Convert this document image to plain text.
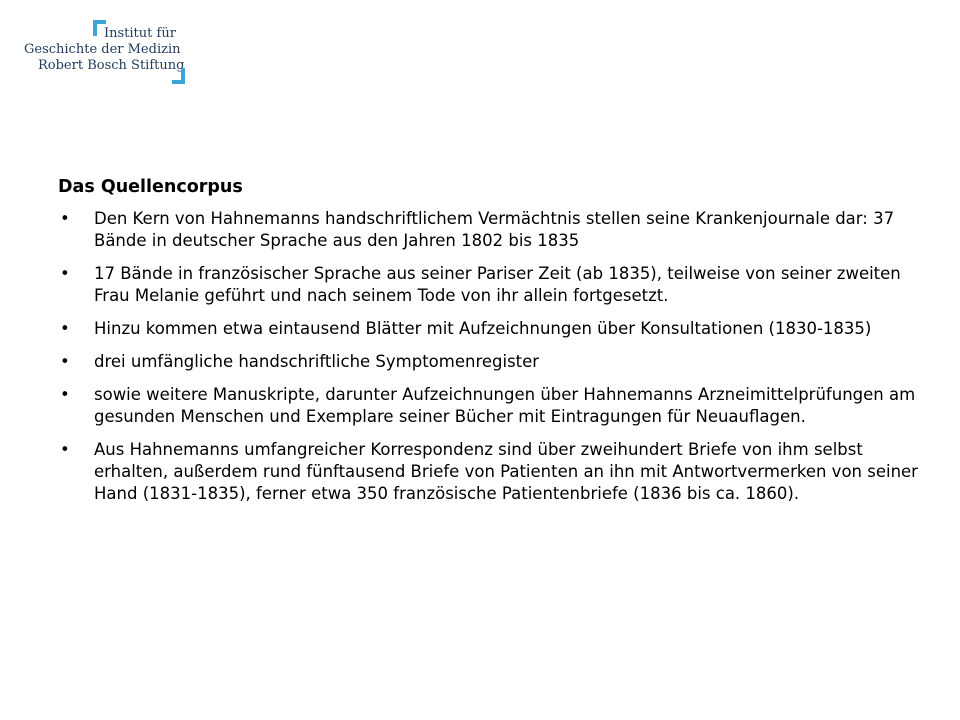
Institut für
Geschichte der Medizin
Robert Bosch Stiftung
Das Quellencorpus
• Den Kern von Hahnemanns handschriftlichem Vermächtnis stellen seine Krankenjournale dar: 37 Bände in deutscher Sprache aus den Jahren 1802 bis 1835
• 17 Bände in französischer Sprache aus seiner Pariser Zeit (ab 1835), teilweise von seiner zweiten Frau Melanie geführt und nach seinem Tode von ihr allein fortgesetzt.
• Hinzu kommen etwa eintausend Blätter mit Aufzeichnungen über Konsultationen (1830-1835)
• drei umfängliche handschriftliche Symptomenregister
• sowie weitere Manuskripte, darunter Aufzeichnungen über Hahnemanns Arzneimittelprüfungen am gesunden Menschen und Exemplare seiner Bücher mit Eintragungen für Neuauflagen.
• Aus Hahnemanns umfangreicher Korrespondenz sind über zweihundert Briefe von ihm selbst erhalten, außerdem rund fünftausend Briefe von Patienten an ihn mit Antwortvermerken von seiner Hand (1831-1835), ferner etwa 350 französische Patientenbriefe (1836 bis ca. 1860).
